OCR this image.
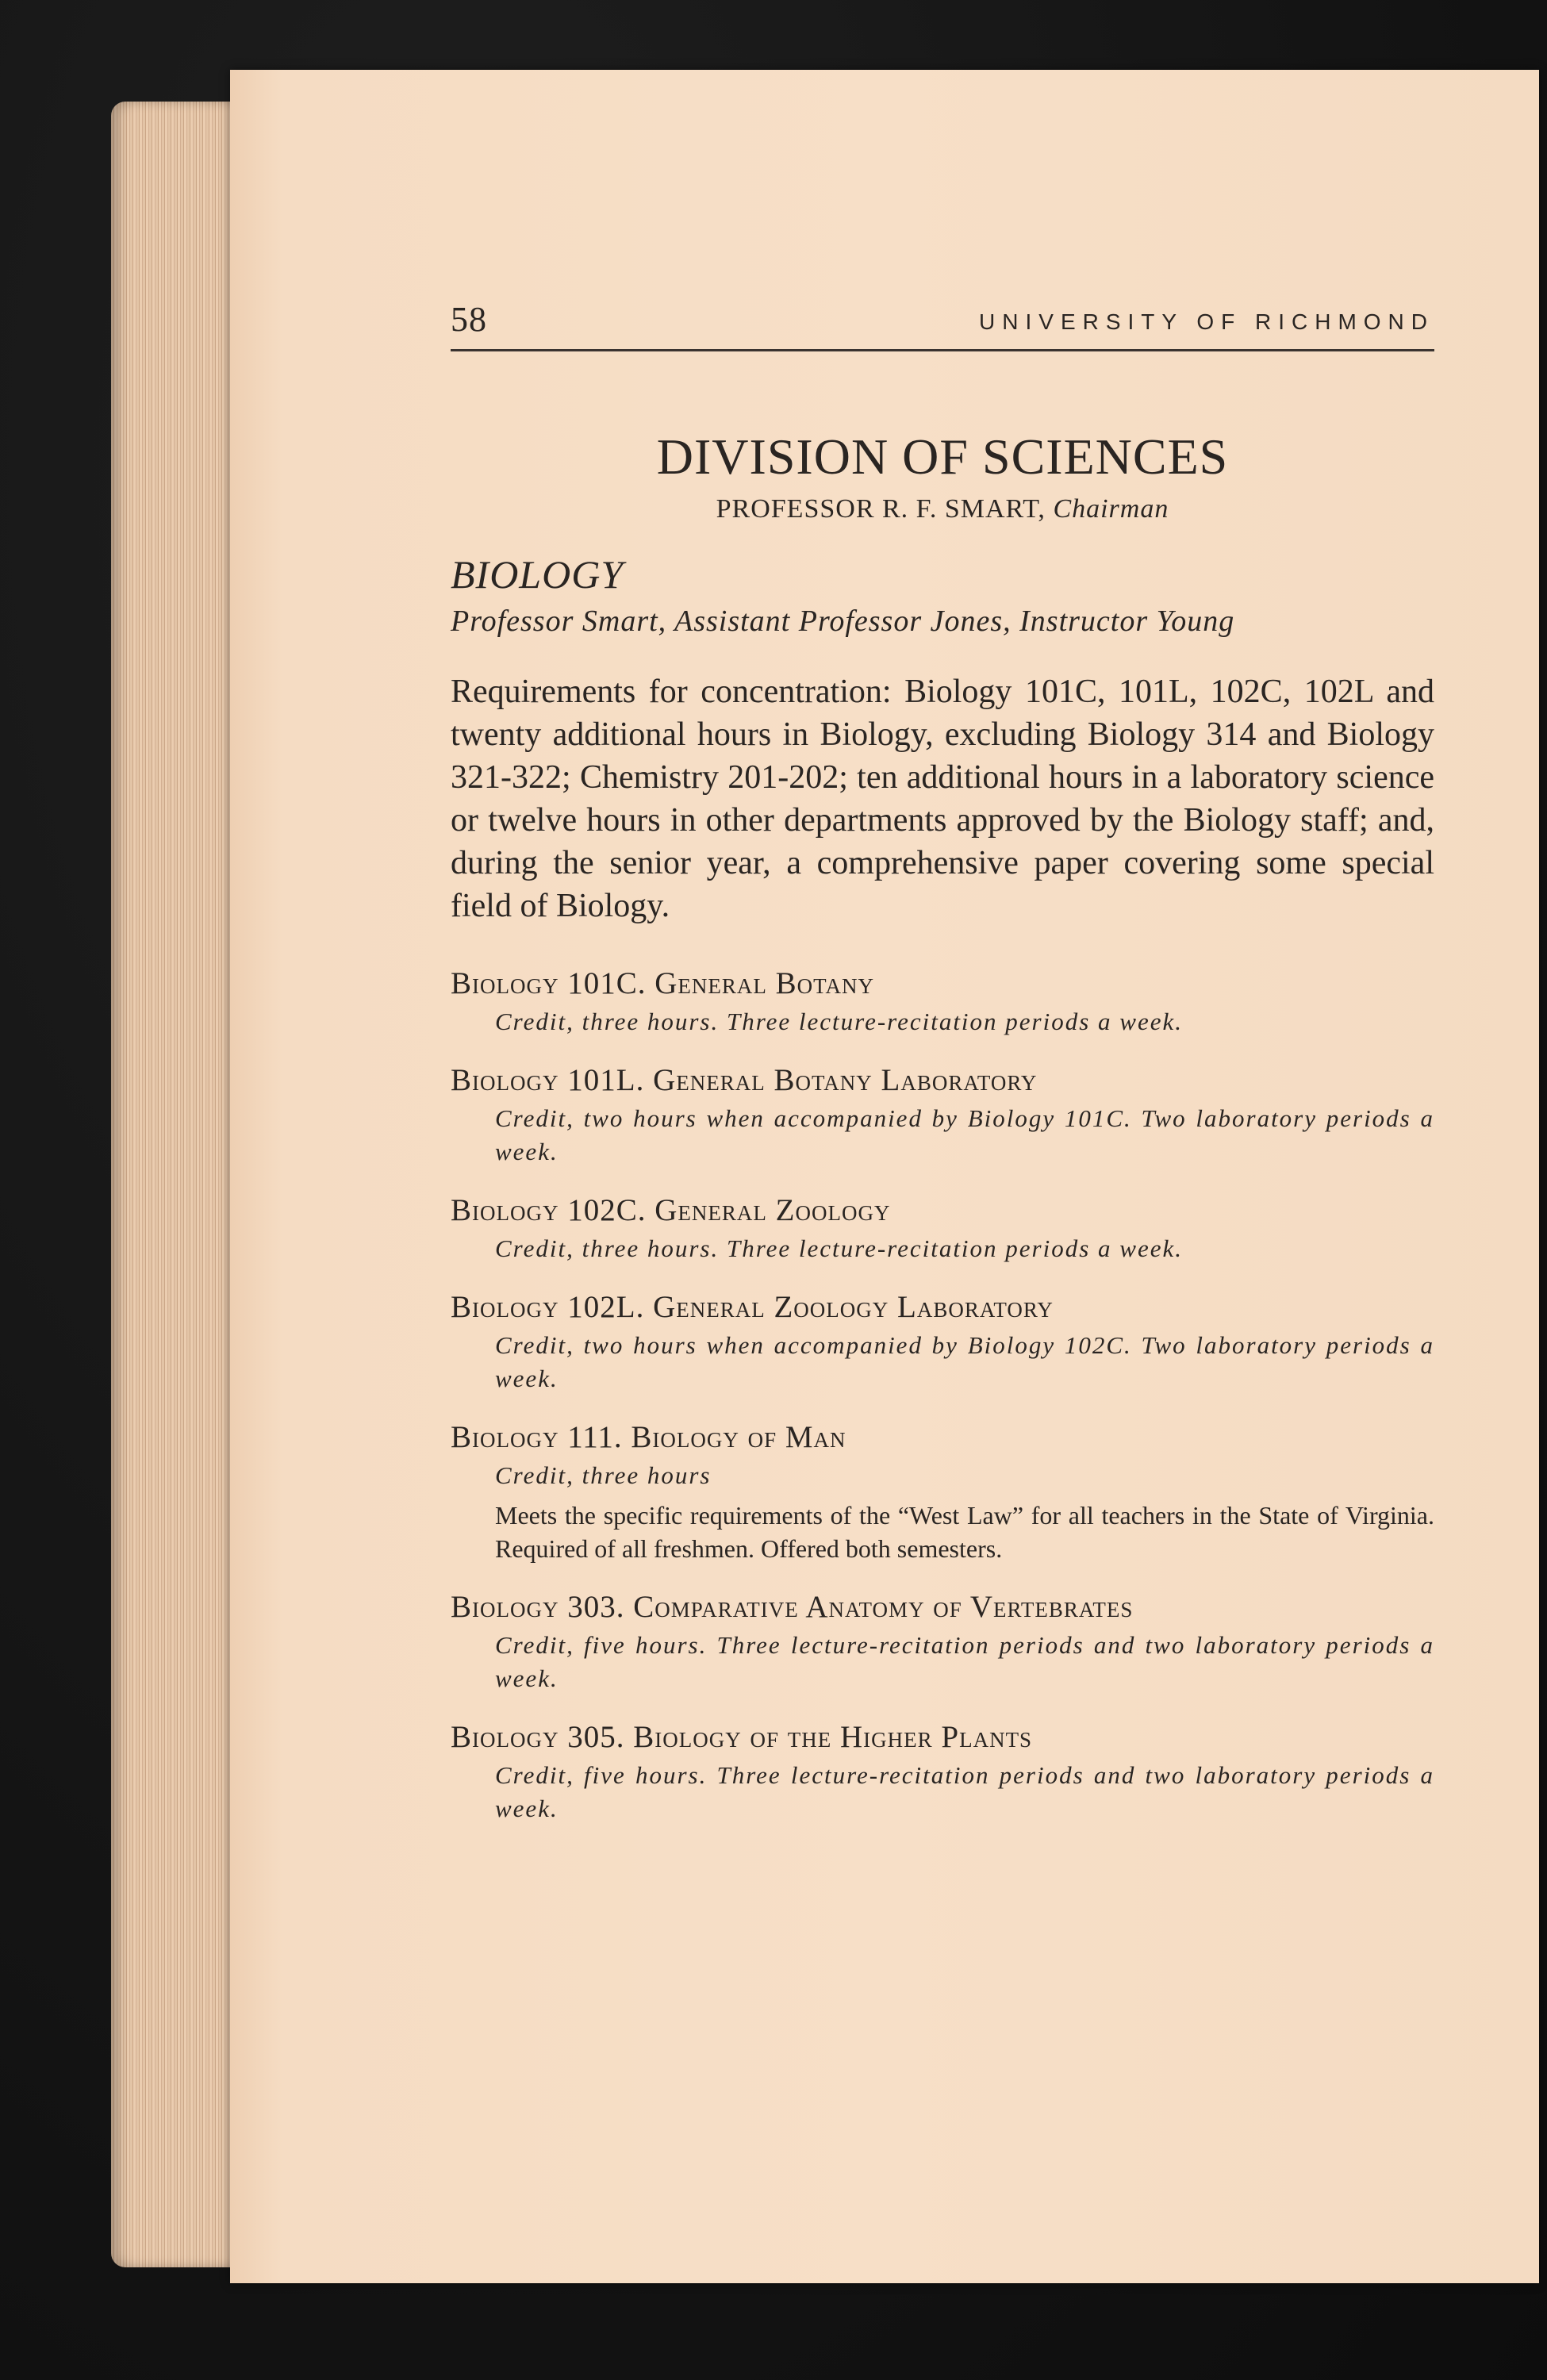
58	UNIVERSITY OF RICHMOND
DIVISION OF SCIENCES
PROFESSOR R. F. SMART, Chairman
BIOLOGY
Professor Smart, Assistant Professor Jones, Instructor Young

Requirements for concentration: Biology 101C, 101L, 102C, 102L and twenty additional hours in Biology, excluding Biology 314 and Biology 321-322; Chemistry 201-202; ten additional hours in a laboratory science or twelve hours in other departments approved by the Biology staff; and, during the senior year, a comprehensive paper covering some special field of Biology.

Biology 101C. General Botany
Credit, three hours. Three lecture-recitation periods a week.
Biology 101L. General Botany Laboratory
Credit, two hours when accompanied by Biology 101C. Two laboratory periods a week.
Biology 102C. General Zoology
Credit, three hours. Three lecture-recitation periods a week.
Biology 102L. General Zoology Laboratory
Credit, two hours when accompanied by Biology 102C. Two laboratory periods a week.
Biology 111. Biology of Man
Credit, three hours
Meets the specific requirements of the “West Law” for all teachers in the State of Virginia. Required of all freshmen. Offered both semesters.
Biology 303. Comparative Anatomy of Vertebrates
Credit, five hours. Three lecture-recitation periods and two laboratory periods a week.
Biology 305. Biology of the Higher Plants
Credit, five hours. Three lecture-recitation periods and two laboratory periods a week.
